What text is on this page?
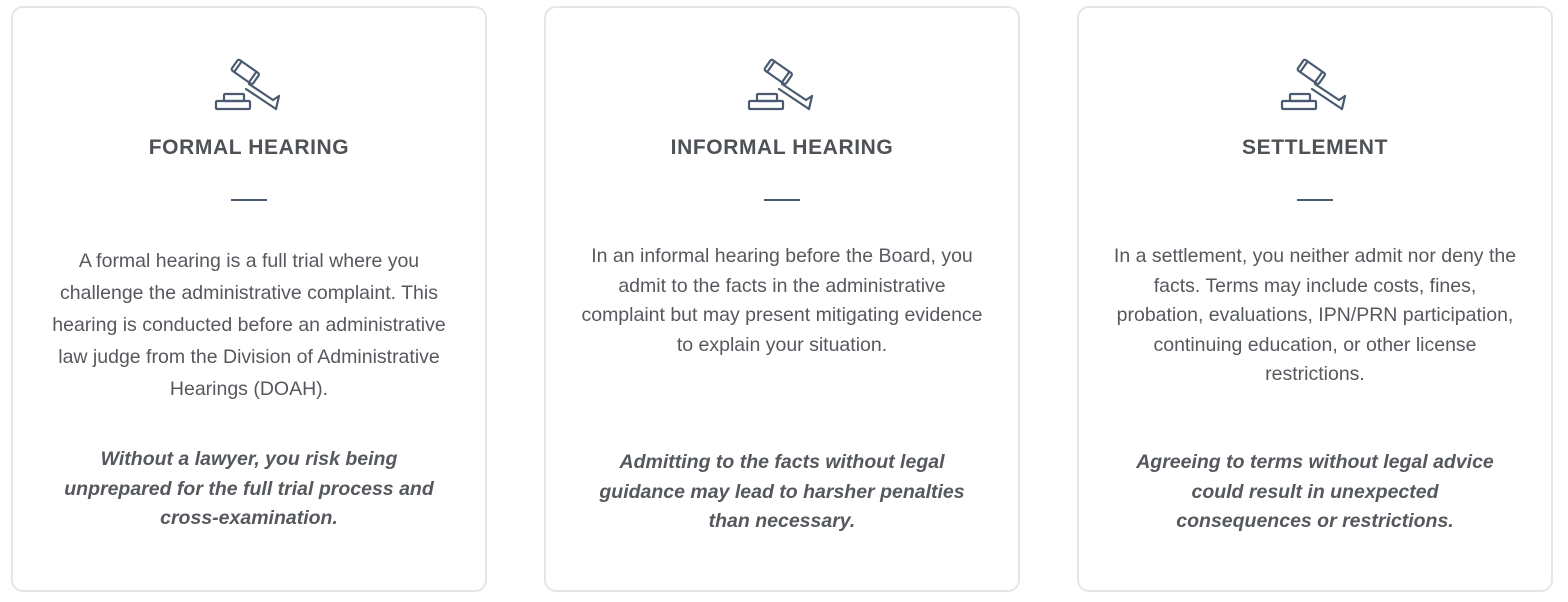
FORMAL HEARING
A formal hearing is a full trial where you challenge the administrative complaint. This hearing is conducted before an administrative law judge from the Division of Administrative Hearings (DOAH).
Without a lawyer, you risk being unprepared for the full trial process and cross-examination.
INFORMAL HEARING
In an informal hearing before the Board, you admit to the facts in the administrative complaint but may present mitigating evidence to explain your situation.
Admitting to the facts without legal guidance may lead to harsher penalties than necessary.
SETTLEMENT
In a settlement, you neither admit nor deny the facts. Terms may include costs, fines, probation, evaluations, IPN/PRN participation, continuing education, or other license restrictions.
Agreeing to terms without legal advice could result in unexpected consequences or restrictions.
